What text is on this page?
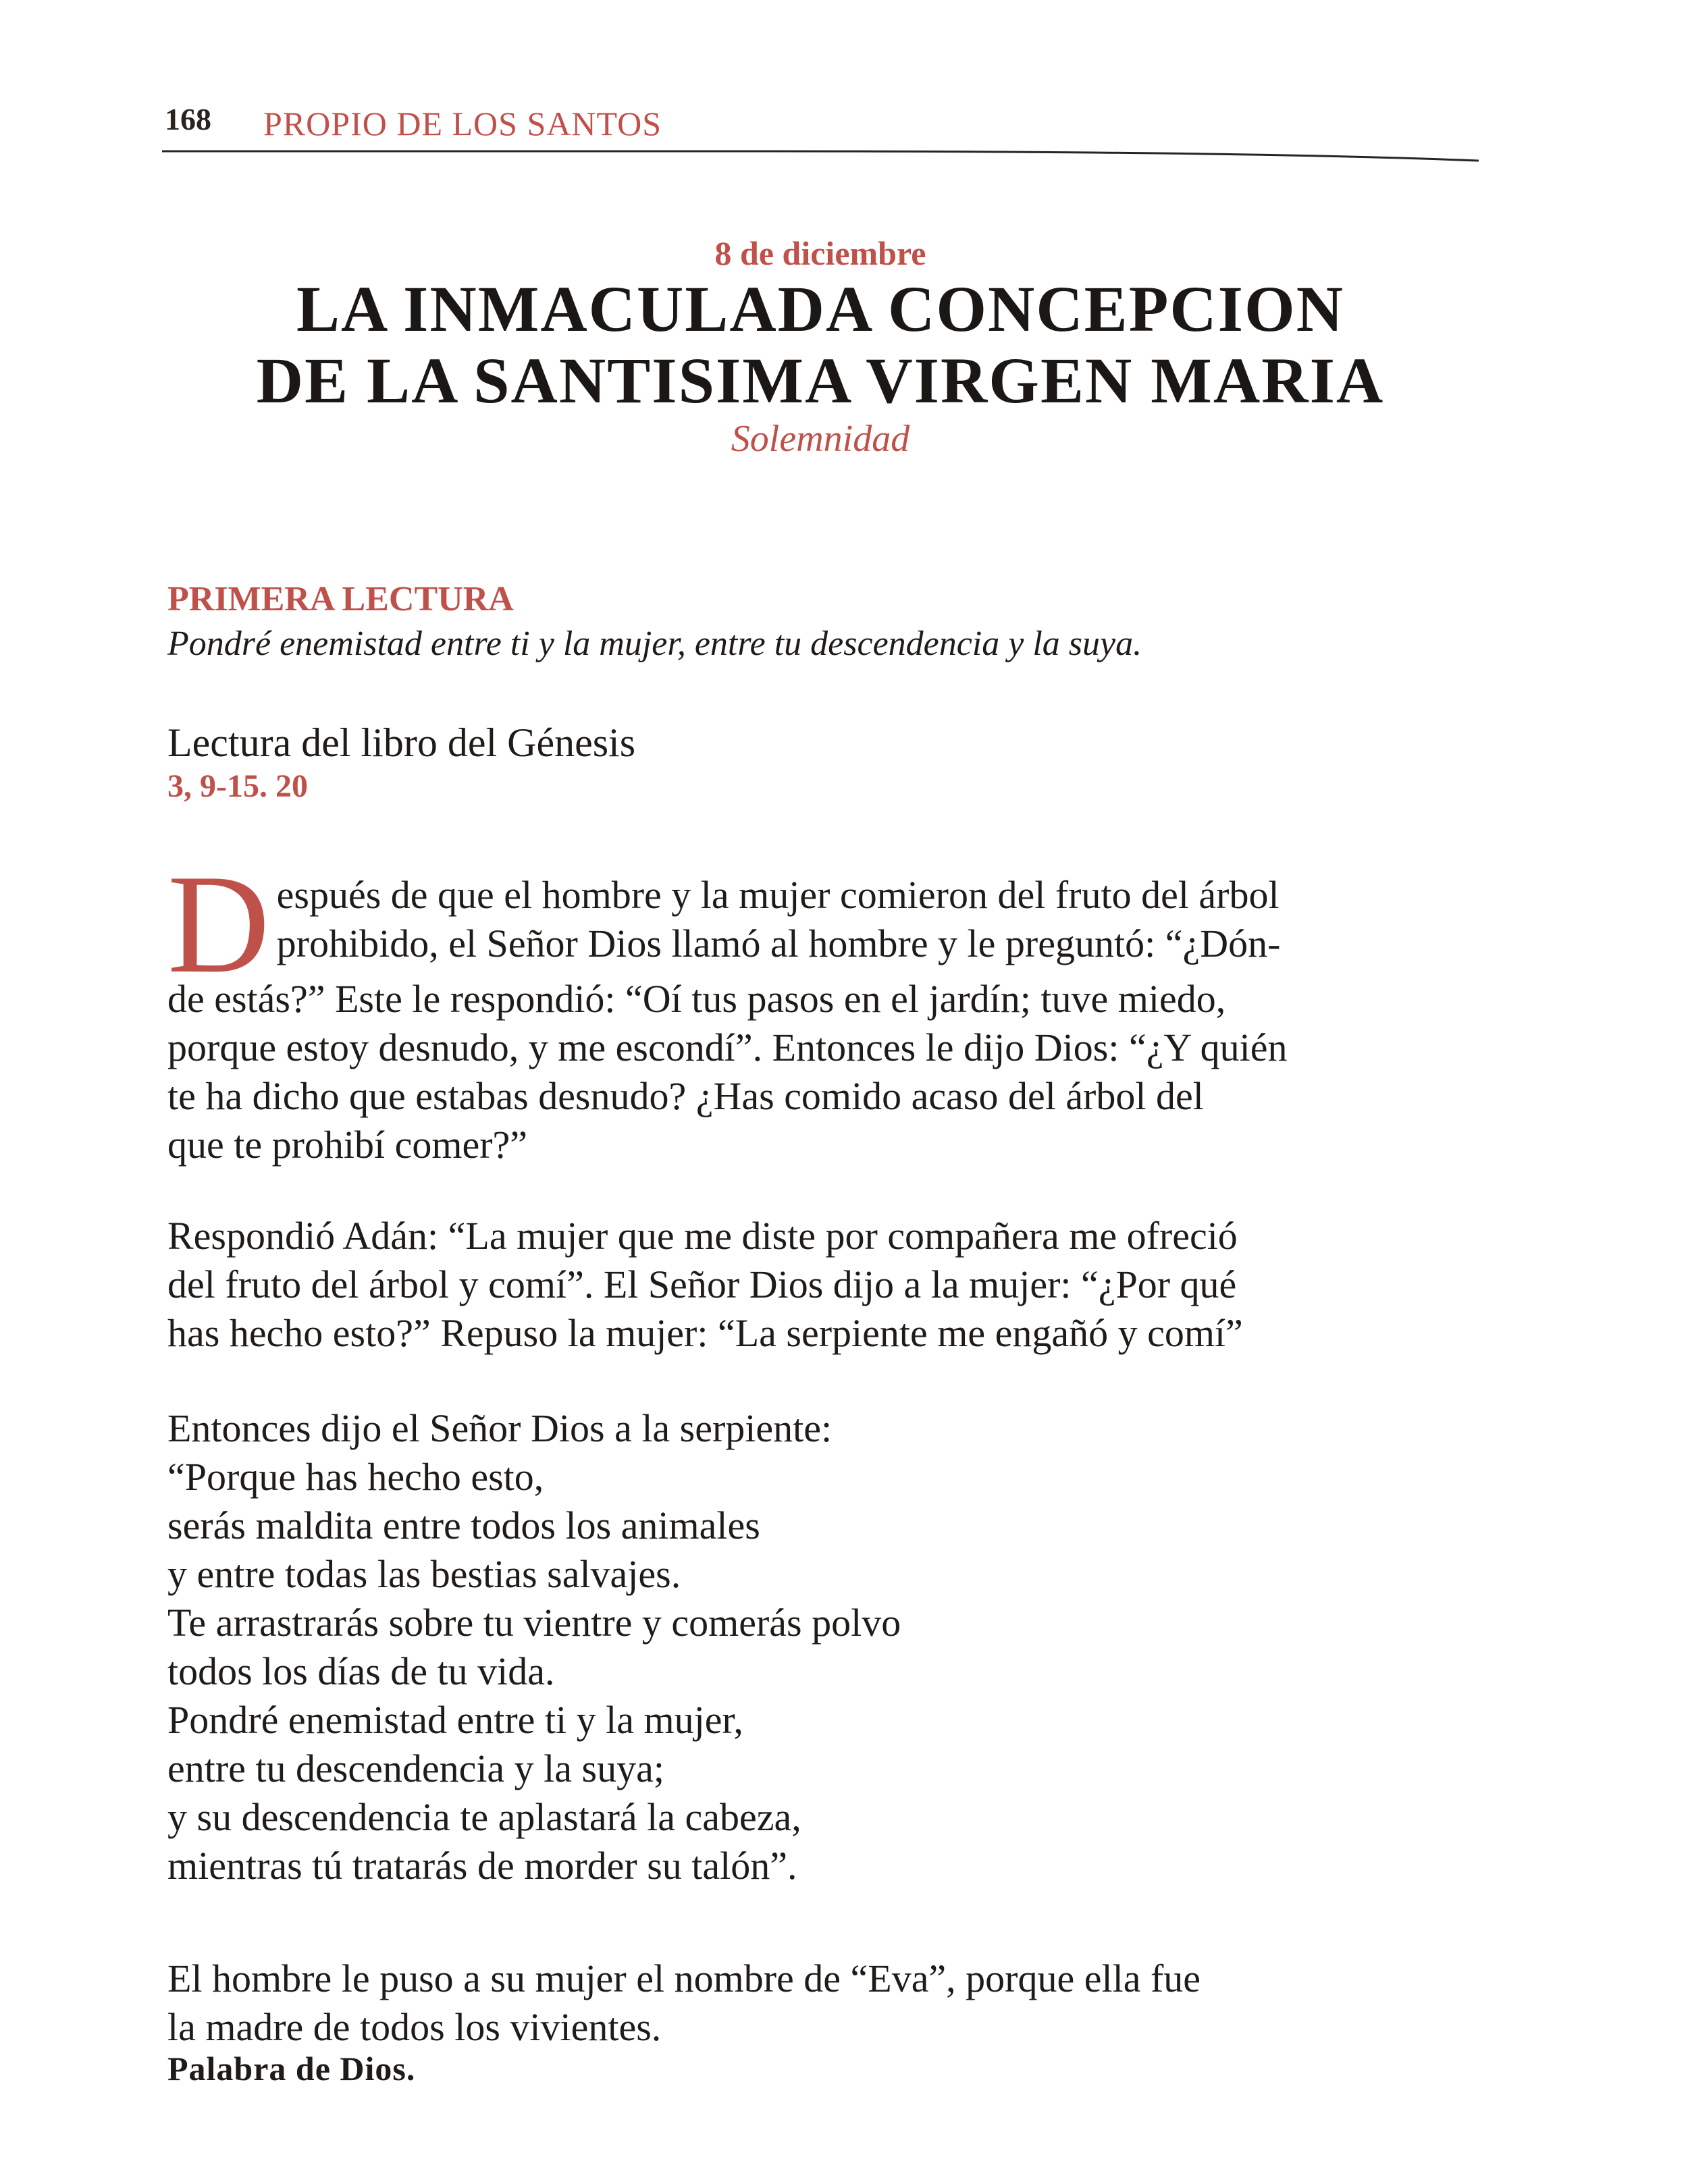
168 PROPIO DE LOS SANTOS
8 de diciembre
LA INMACULADA CONCEPCION
DE LA SANTISIMA VIRGEN MARIA
Solemnidad
PRIMERA LECTURA
Pondré enemistad entre ti y la mujer, entre tu descendencia y la suya.
Lectura del libro del Génesis
3, 9-15. 20
D espués de que el hombre y la mujer comieron del fruto del árbol
prohibido, el Señor Dios llamó al hombre y le preguntó: “¿Dón-
de estás?” Este le respondió: “Oí tus pasos en el jardín; tuve miedo,
porque estoy desnudo, y me escondí”. Entonces le dijo Dios: “¿Y quién
te ha dicho que estabas desnudo? ¿Has comido acaso del árbol del
que te prohibí comer?”
Respondió Adán: “La mujer que me diste por compañera me ofreció
del fruto del árbol y comí”. El Señor Dios dijo a la mujer: “¿Por qué
has hecho esto?” Repuso la mujer: “La serpiente me engañó y comí”
Entonces dijo el Señor Dios a la serpiente:
“Porque has hecho esto,
serás maldita entre todos los animales
y entre todas las bestias salvajes.
Te arrastrarás sobre tu vientre y comerás polvo
todos los días de tu vida.
Pondré enemistad entre ti y la mujer,
entre tu descendencia y la suya;
y su descendencia te aplastará la cabeza,
mientras tú tratarás de morder su talón”.
El hombre le puso a su mujer el nombre de “Eva”, porque ella fue
la madre de todos los vivientes.
Palabra de Dios.
